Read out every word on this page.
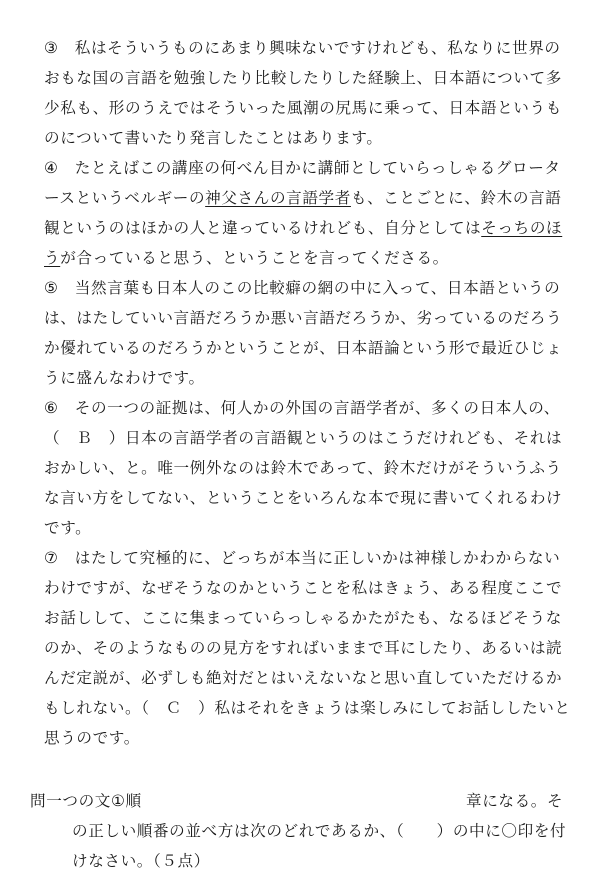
③　私はそういうものにあまり興味ないですけれども、私なりに世界の
おもな国の言語を勉強したり比較したりした経験上、日本語について多
少私も、形のうえではそういった風潮の尻馬に乗って、日本語というも
のについて書いたり発言したことはあります。
④　たとえばこの講座の何べん目かに講師としていらっしゃるグロータ
ースというベルギーの神父さんの言語学者も、ことごとに、鈴木の言語
観というのはほかの人と違っているけれども、自分としてはそっちのほ
うが合っていると思う、ということを言ってくださる。
⑤　当然言葉も日本人のこの比較癖の網の中に入って、日本語というの
は、はたしていい言語だろうか悪い言語だろうか、劣っているのだろう
か優れているのだろうかということが、日本語論という形で最近ひじょ
うに盛んなわけです。
⑥　その一つの証拠は、何人かの外国の言語学者が、多くの日本人の、
（　Ｂ　）日本の言語学者の言語観というのはこうだけれども、それは
おかしい、と。唯一例外なのは鈴木であって、鈴木だけがそういうふう
な言い方をしてない、ということをいろんな本で現に書いてくれるわけ
です。
⑦　はたして究極的に、どっちが本当に正しいかは神様しかわからない
わけですが、なぜそうなのかということを私はきょう、ある程度ここで
お話しして、ここに集まっていらっしゃるかたがたも、なるほどそうな
のか、そのようなものの見方をすればいままで耳にしたり、あるいは読
んだ定説が、必ずしも絶対だとはいえないなと思い直していただけるか
もしれない。（　Ｃ　）私はそれをきょうは楽しみにしてお話ししたいと
思うのです。
問一つの文①順	章になる。そ
の正しい順番の並べ方は次のどれであるか、（　　）の中に〇印を付
けなさい。（５点）
